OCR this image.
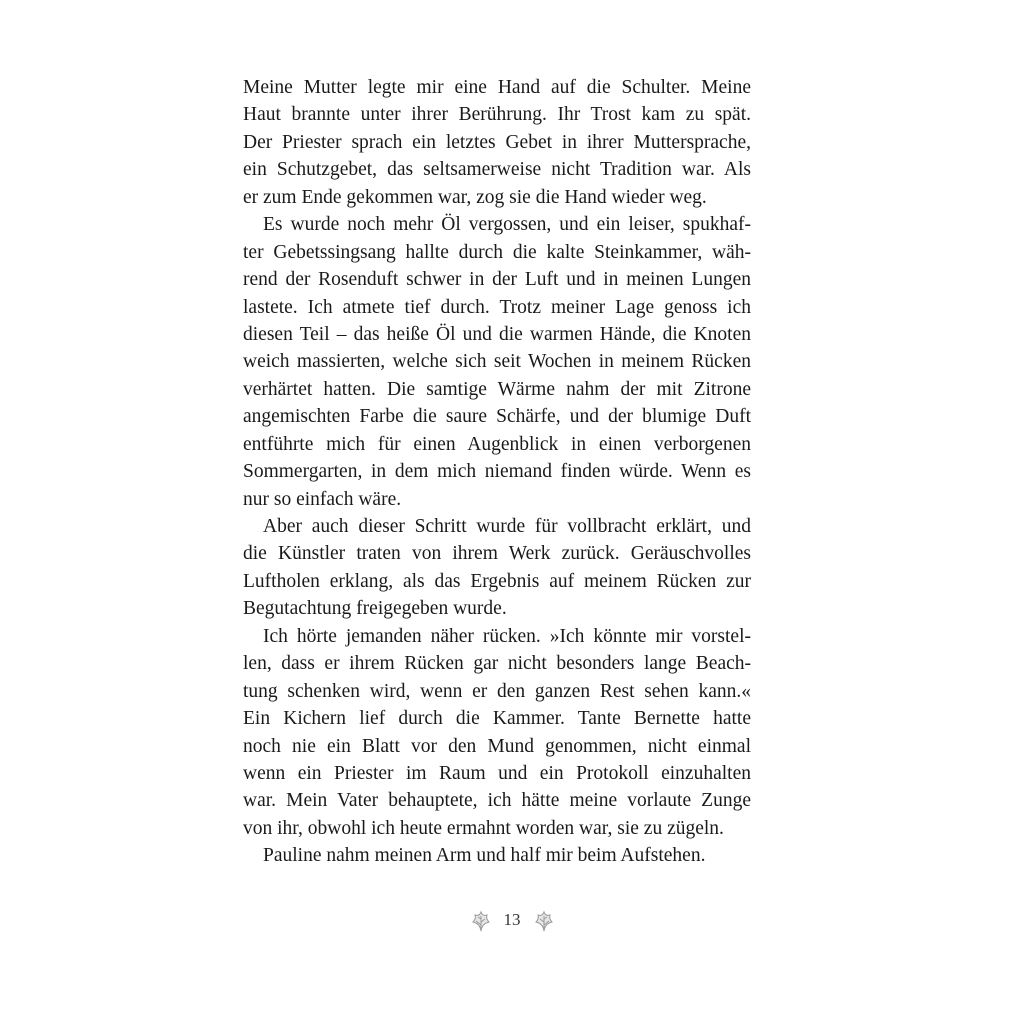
Meine Mutter legte mir eine Hand auf die Schulter. Meine
Haut brannte unter ihrer Berührung. Ihr Trost kam zu spät.
Der Priester sprach ein letztes Gebet in ihrer Muttersprache,
ein Schutzgebet, das seltsamerweise nicht Tradition war. Als
er zum Ende gekommen war, zog sie die Hand wieder weg.
Es wurde noch mehr Öl vergossen, und ein leiser, spukhaf-
ter Gebetssingsang hallte durch die kalte Steinkammer, wäh-
rend der Rosenduft schwer in der Luft und in meinen Lungen
lastete. Ich atmete tief durch. Trotz meiner Lage genoss ich
diesen Teil – das heiße Öl und die warmen Hände, die Knoten
weich massierten, welche sich seit Wochen in meinem Rücken
verhärtet hatten. Die samtige Wärme nahm der mit Zitrone
angemischten Farbe die saure Schärfe, und der blumige Duft
entführte mich für einen Augenblick in einen verborgenen
Sommergarten, in dem mich niemand finden würde. Wenn es
nur so einfach wäre.
Aber auch dieser Schritt wurde für vollbracht erklärt, und
die Künstler traten von ihrem Werk zurück. Geräuschvolles
Luftholen erklang, als das Ergebnis auf meinem Rücken zur
Begutachtung freigegeben wurde.
Ich hörte jemanden näher rücken. »Ich könnte mir vorstel-
len, dass er ihrem Rücken gar nicht besonders lange Beach-
tung schenken wird, wenn er den ganzen Rest sehen kann.«
Ein Kichern lief durch die Kammer. Tante Bernette hatte
noch nie ein Blatt vor den Mund genommen, nicht einmal
wenn ein Priester im Raum und ein Protokoll einzuhalten
war. Mein Vater behauptete, ich hätte meine vorlaute Zunge
von ihr, obwohl ich heute ermahnt worden war, sie zu zügeln.
Pauline nahm meinen Arm und half mir beim Aufstehen.
13
